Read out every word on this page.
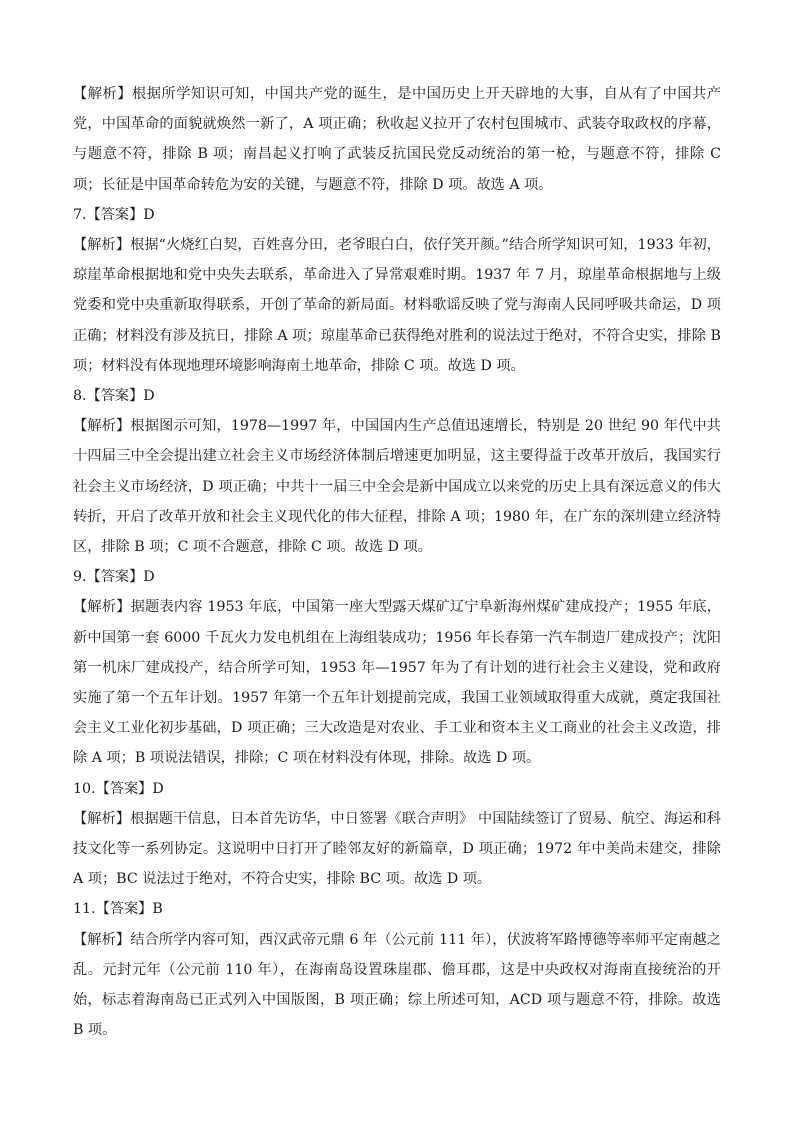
【解析】根据所学知识可知，中国共产党的诞生，是中国历史上开天辟地的大事，自从有了中国共产党，中国革命的面貌就焕然一新了，A 项正确；秋收起义拉开了农村包围城市、武装夺取政权的序幕，与题意不符，排除 B 项；南昌起义打响了武装反抗国民党反动统治的第一枪，与题意不符，排除 C 项；长征是中国革命转危为安的关键，与题意不符，排除 D 项。故选 A 项。

7.【答案】D

【解析】根据“火烧红白契，百姓喜分田，老爷眼白白，依仔笑开颜。”结合所学知识可知，1933 年初，琼崖革命根据地和党中央失去联系，革命进入了异常艰难时期。1937 年 7 月，琼崖革命根据地与上级党委和党中央重新取得联系，开创了革命的新局面。材料歌谣反映了党与海南人民同呼吸共命运，D 项正确；材料没有涉及抗日，排除 A 项；琼崖革命已获得绝对胜利的说法过于绝对，不符合史实，排除 B 项；材料没有体现地理环境影响海南土地革命，排除 C 项。故选 D 项。

8.【答案】D

【解析】根据图示可知，1978—1997 年，中国国内生产总值迅速增长，特别是 20 世纪 90 年代中共十四届三中全会提出建立社会主义市场经济体制后增速更加明显，这主要得益于改革开放后，我国实行社会主义市场经济，D 项正确；中共十一届三中全会是新中国成立以来党的历史上具有深远意义的伟大转折，开启了改革开放和社会主义现代化的伟大征程，排除 A 项；1980 年，在广东的深圳建立经济特区，排除 B 项；C 项不合题意，排除 C 项。故选 D 项。

9.【答案】D

【解析】据题表内容 1953 年底，中国第一座大型露天煤矿辽宁阜新海州煤矿建成投产；1955 年底，新中国第一套 6000 千瓦火力发电机组在上海组装成功；1956 年长春第一汽车制造厂建成投产；沈阳第一机床厂建成投产，结合所学可知，1953 年—1957 年为了有计划的进行社会主义建设，党和政府实施了第一个五年计划。1957 年第一个五年计划提前完成，我国工业领域取得重大成就，奠定我国社会主义工业化初步基础，D 项正确；三大改造是对农业、手工业和资本主义工商业的社会主义改造，排除 A 项；B 项说法错误，排除；C 项在材料没有体现，排除。故选 D 项。

10.【答案】D

【解析】根据题干信息，日本首先访华，中日签署《联合声明》 中国陆续签订了贸易、航空、海运和科技文化等一系列协定。这说明中日打开了睦邻友好的新篇章，D 项正确；1972 年中美尚未建交，排除 A 项；BC 说法过于绝对，不符合史实，排除 BC 项。故选 D 项。

11.【答案】B

【解析】结合所学内容可知，西汉武帝元鼎 6 年（公元前 111 年），伏波将军路博德等率师平定南越之乱。元封元年（公元前 110 年），在海南岛设置珠崖郡、儋耳郡，这是中央政权对海南直接统治的开始，标志着海南岛已正式列入中国版图，B 项正确；综上所述可知，ACD 项与题意不符，排除。故选 B 项。
